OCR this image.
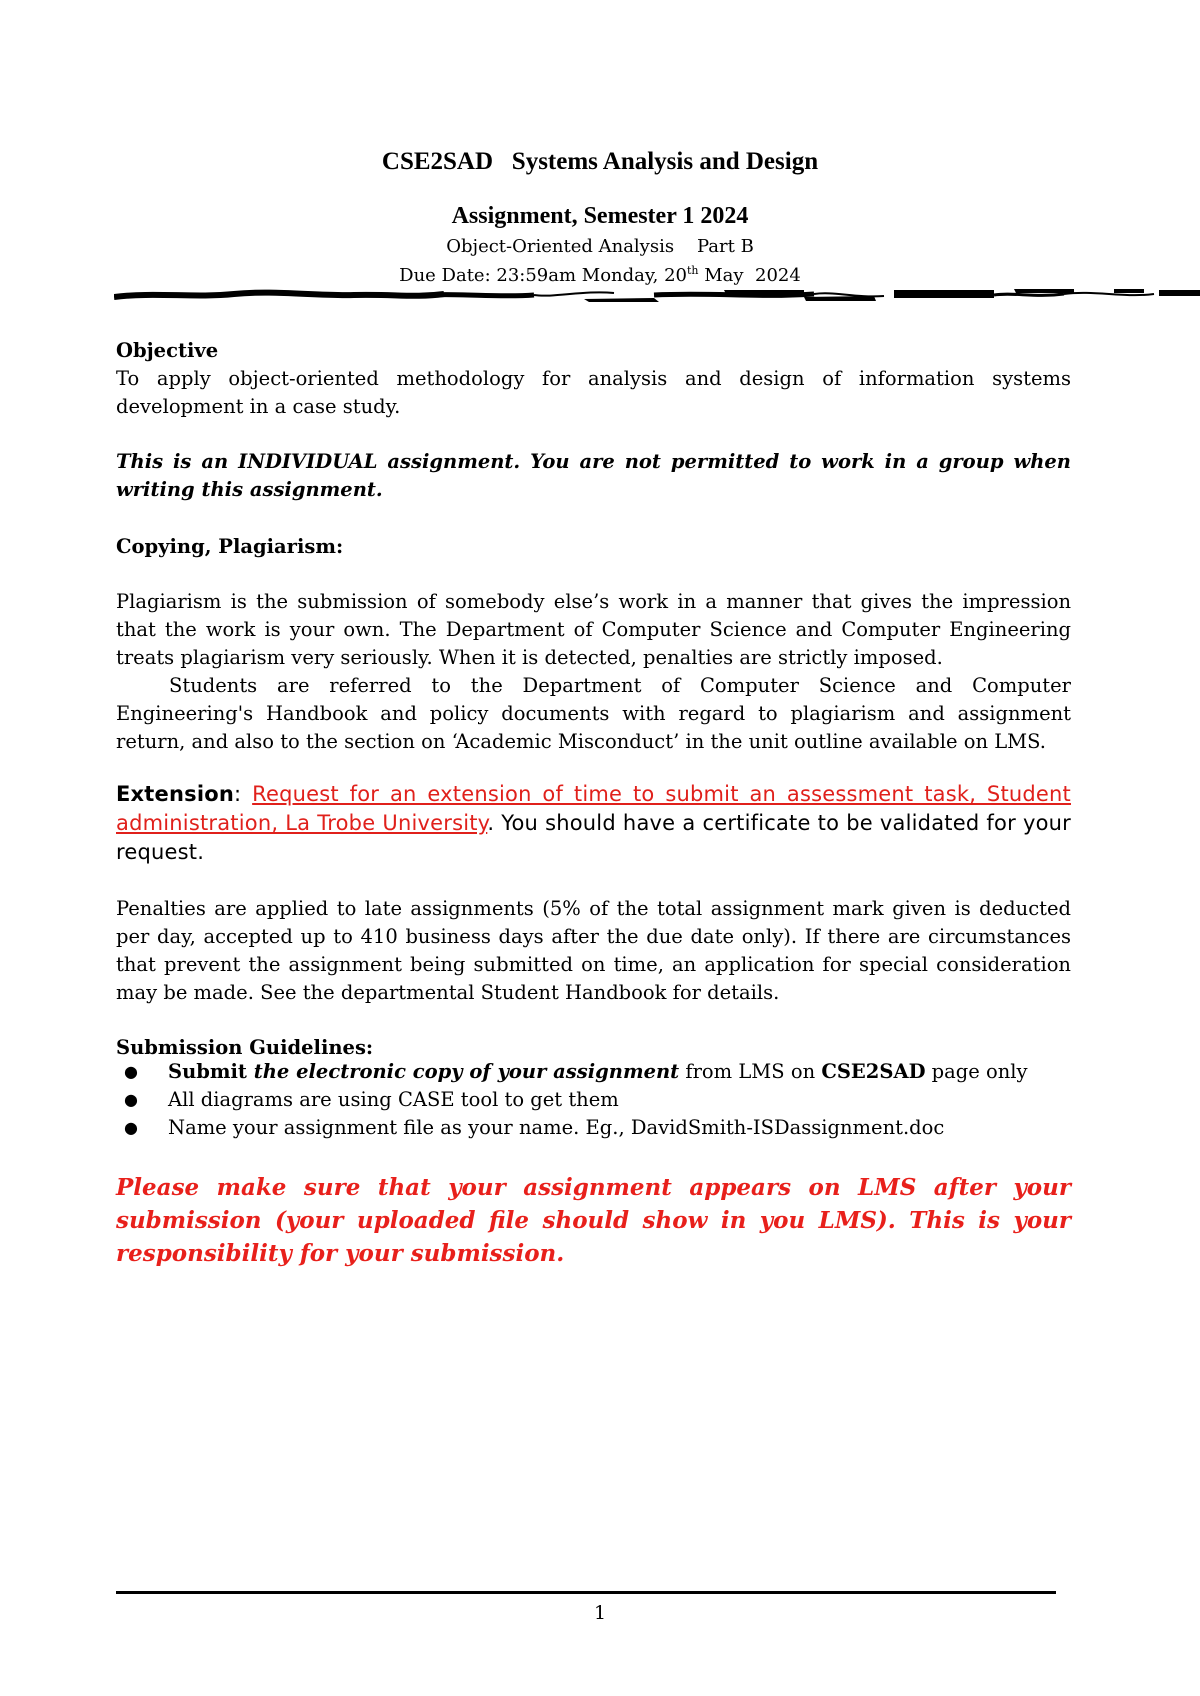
CSE2SAD   Systems Analysis and Design
Assignment, Semester 1 2024
Object-Oriented Analysis    Part B
Due Date: 23:59am Monday, 20th May  2024
Objective
To apply object-oriented methodology for analysis and design of information systems development in a case study.
This is an INDIVIDUAL assignment. You are not permitted to work in a group when writing this assignment.
Copying, Plagiarism:
Plagiarism is the submission of somebody else’s work in a manner that gives the impression that the work is your own. The Department of Computer Science and Computer Engineering treats plagiarism very seriously. When it is detected, penalties are strictly imposed.
Students are referred to the Department of Computer Science and Computer Engineering's Handbook and policy documents with regard to plagiarism and assignment return, and also to the section on ‘Academic Misconduct’ in the unit outline available on LMS.
Extension: Request for an extension of time to submit an assessment task, Student administration, La Trobe University. You should have a certificate to be validated for your request.
Penalties are applied to late assignments (5% of the total assignment mark given is deducted per day, accepted up to 410 business days after the due date only). If there are circumstances that prevent the assignment being submitted on time, an application for special consideration may be made. See the departmental Student Handbook for details.
Submission Guidelines:
● Submit the electronic copy of your assignment from LMS on CSE2SAD page only
● All diagrams are using CASE tool to get them
● Name your assignment file as your name. Eg., DavidSmith-ISDassignment.doc
Please make sure that your assignment appears on LMS after your submission (your uploaded file should show in you LMS). This is your responsibility for your submission.
1
